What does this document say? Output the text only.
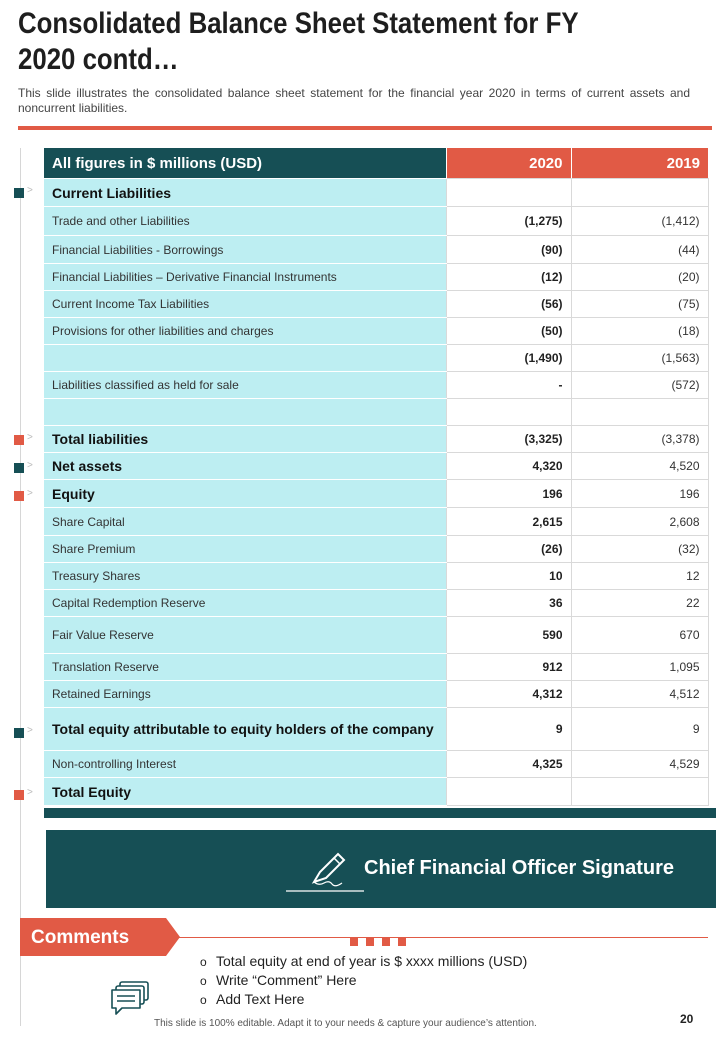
Consolidated Balance Sheet Statement for FY 2020 contd…
This slide illustrates the consolidated balance sheet statement for the financial year 2020 in terms of current assets and noncurrent liabilities.
All figures in $ millions (USD)	2020	2019
Current Liabilities		
Trade and other Liabilities	(1,275)	(1,412)
Financial Liabilities - Borrowings	(90)	(44)
Financial Liabilities – Derivative Financial Instruments	(12)	(20)
Current Income Tax Liabilities	(56)	(75)
Provisions for other liabilities and charges	(50)	(18)
	(1,490)	(1,563)
Liabilities classified as held for sale	-	(572)

Total liabilities	(3,325)	(3,378)
Net assets	4,320	4,520
Equity	196	196
Share Capital	2,615	2,608
Share Premium	(26)	(32)
Treasury Shares	10	12
Capital Redemption Reserve	36	22
Fair Value Reserve	590	670
Translation Reserve	912	1,095
Retained Earnings	4,312	4,512
Total equity attributable to equity holders of the company	9	9
Non-controlling Interest	4,325	4,529
Total Equity		
>
>
>
>
>
>
Chief Financial Officer Signature
Comments
o Total equity at end of year is $ xxxx millions (USD)
o Write “Comment” Here
o Add Text Here
This slide is 100% editable. Adapt it to your needs & capture your audience’s attention.	20
